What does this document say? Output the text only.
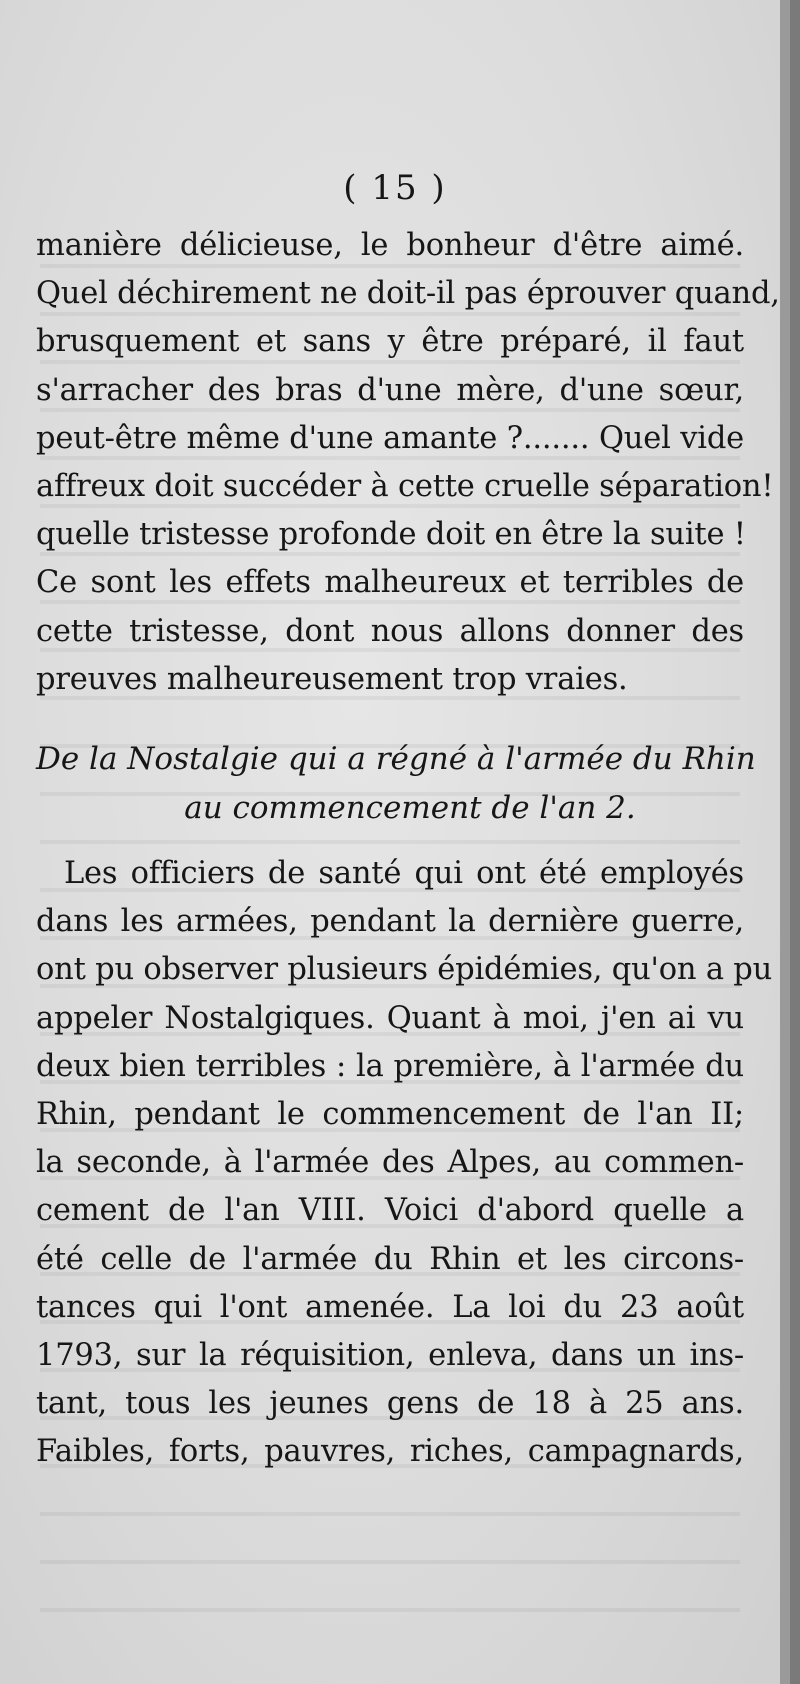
( 15 )
manière délicieuse, le bonheur d'être aimé.
Quel déchirement ne doit-il pas éprouver quand,
brusquement et sans y être préparé, il faut
s'arracher des bras d'une mère, d'une sœur,
peut-être même d'une amante ?....... Quel vide
affreux doit succéder à cette cruelle séparation!
quelle tristesse profonde doit en être la suite !
Ce sont les effets malheureux et terribles de
cette tristesse, dont nous allons donner des
preuves malheureusement trop vraies.
De la Nostalgie qui a régné à l'armée du Rhin
au commencement de l'an 2.
Les officiers de santé qui ont été employés
dans les armées, pendant la dernière guerre,
ont pu observer plusieurs épidémies, qu'on a pu
appeler Nostalgiques. Quant à moi, j'en ai vu
deux bien terribles : la première, à l'armée du
Rhin, pendant le commencement de l'an II;
la seconde, à l'armée des Alpes, au commen-
cement de l'an VIII. Voici d'abord quelle a
été celle de l'armée du Rhin et les circons-
tances qui l'ont amenée. La loi du 23 août
1793, sur la réquisition, enleva, dans un ins-
tant, tous les jeunes gens de 18 à 25 ans.
Faibles, forts, pauvres, riches, campagnards,
